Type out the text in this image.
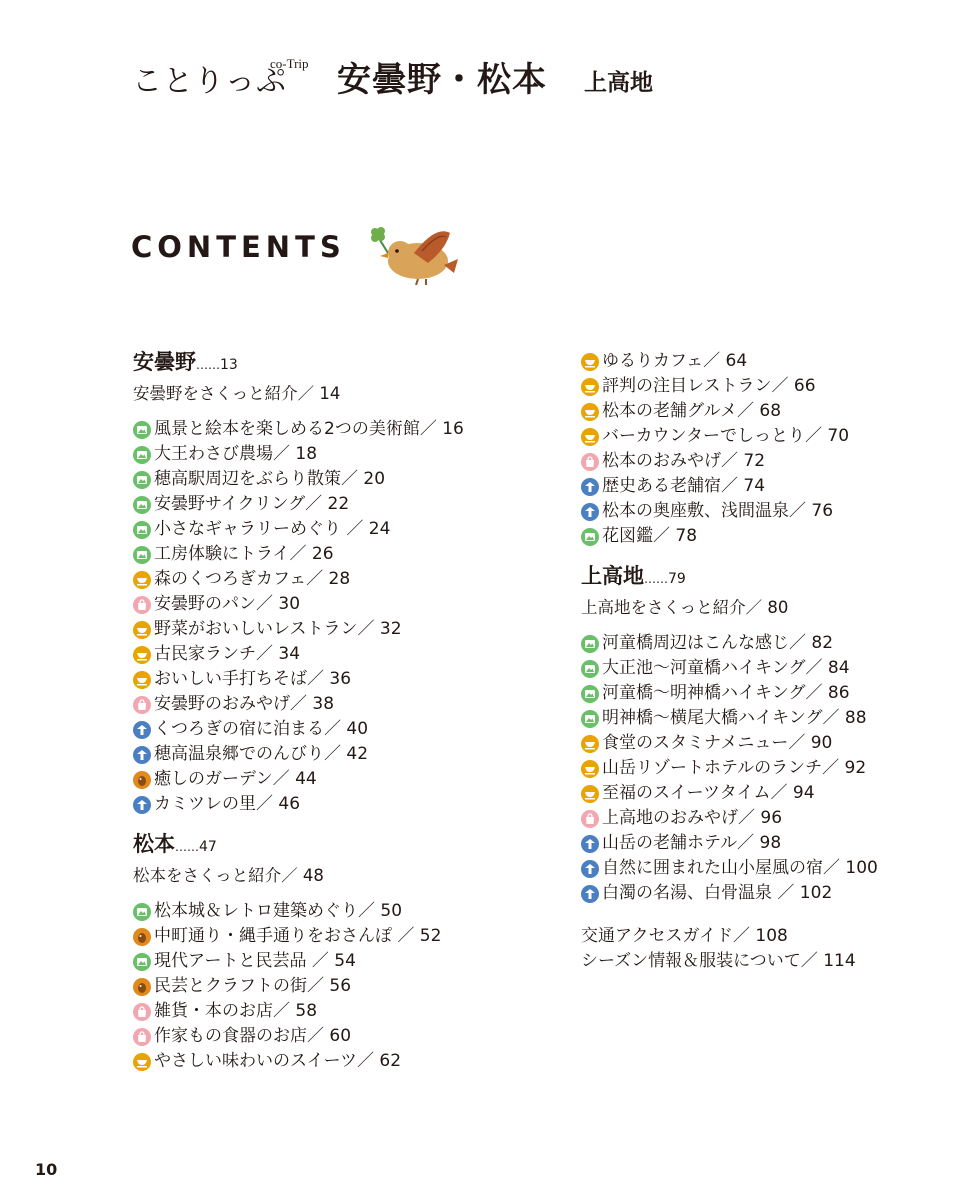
ことりっぷ
co-Trip 安曇野・松本 上高地
CONTENTS
安曇野……13
安曇野をさくっと紹介／ 14
風景と絵本を楽しめる2つの美術館／ 16
大王わさび農場／ 18
穂高駅周辺をぶらり散策／ 20
安曇野サイクリング／ 22
小さなギャラリーめぐり ／ 24
工房体験にトライ／ 26
森のくつろぎカフェ／ 28
安曇野のパン／ 30
野菜がおいしいレストラン／ 32
古民家ランチ／ 34
おいしい手打ちそば／ 36
安曇野のおみやげ／ 38
くつろぎの宿に泊まる／ 40
穂高温泉郷でのんびり／ 42
癒しのガーデン／ 44
カミツレの里／ 46
松本……47
松本をさくっと紹介／ 48
松本城＆レトロ建築めぐり／ 50
中町通り・縄手通りをおさんぽ ／ 52
現代アートと民芸品 ／ 54
民芸とクラフトの街／ 56
雑貨・本のお店／ 58
作家もの食器のお店／ 60
やさしい味わいのスイーツ／ 62
ゆるりカフェ／ 64
評判の注目レストラン／ 66
松本の老舗グルメ／ 68
バーカウンターでしっとり／ 70
松本のおみやげ／ 72
歴史ある老舗宿／ 74
松本の奥座敷、浅間温泉／ 76
花図鑑／ 78
上高地……79
上高地をさくっと紹介／ 80
河童橋周辺はこんな感じ／ 82
大正池～河童橋ハイキング／ 84
河童橋～明神橋ハイキング／ 86
明神橋～横尾大橋ハイキング／ 88
食堂のスタミナメニュー／ 90
山岳リゾートホテルのランチ／ 92
至福のスイーツタイム／ 94
上高地のおみやげ／ 96
山岳の老舗ホテル／ 98
自然に囲まれた山小屋風の宿／ 100
白濁の名湯、白骨温泉 ／ 102
交通アクセスガイド／ 108
シーズン情報＆服装について／ 114
10
